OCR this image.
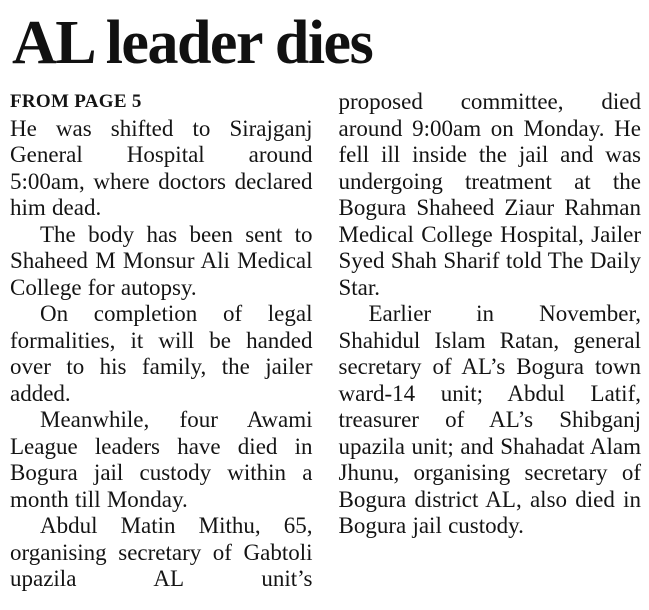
AL leader dies
FROM PAGE 5

He was shifted to Sirajganj General Hospital around 5:00am, where doctors declared him dead.

The body has been sent to Shaheed M Monsur Ali Medical College for autopsy.

On completion of legal formalities, it will be handed over to his family, the jailer added.

Meanwhile, four Awami League leaders have died in Bogura jail custody within a month till Monday.

Abdul Matin Mithu, 65, organising secretary of Gabtoli upazila AL unit’s

proposed committee, died around 9:00am on Monday. He fell ill inside the jail and was undergoing treatment at the Bogura Shaheed Ziaur Rahman Medical College Hospital, Jailer Syed Shah Sharif told The Daily Star.

Earlier in November, Shahidul Islam Ratan, general secretary of AL’s Bogura town ward-14 unit; Abdul Latif, treasurer of AL’s Shibganj upazila unit; and Shahadat Alam Jhunu, organising secretary of Bogura district AL, also died in Bogura jail custody.
